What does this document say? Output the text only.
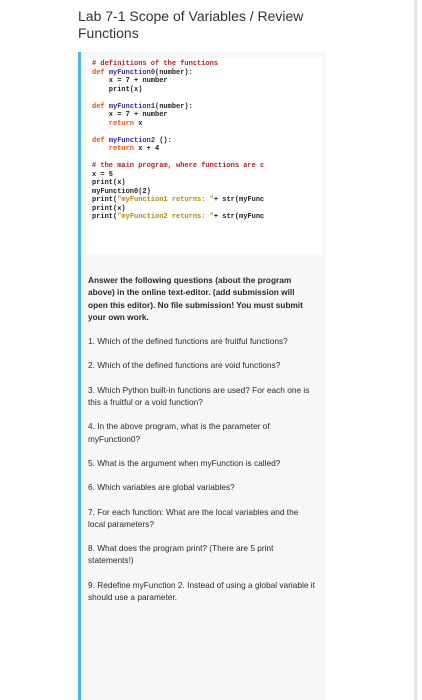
Lab 7-1 Scope of Variables / Review Functions
# definitions of the functions
def myFunction0(number):
x = 7 + number
print(x)
def myFunction1(number):
x = 7 + number
return x
def myFunction2 ():
return x + 4
# the main program, where functions are c
x = 5
print(x)
myFunction0(2)
print("myFunction1 returns: "+ str(myFunc
print(x)
print("myFunction2 returns: "+ str(myFunc

Answer the following questions (about the program above) in the online text-editor. (add submission will open this editor). No file submission! You must submit your own work.

1. Which of the defined functions are fruitful functions?

2. Which of the defined functions are void functions?

3. Which Python built-in functions are used? For each one is this a fruitful or a void function?

4. In the above program, what is the parameter of myFunction0?

5. What is the argument when myFunction is called?

6. Which variables are global variables?

7. For each function: What are the local variables and the local parameters?

8. What does the program print? (There are 5 print statements!)

9. Redefine myFunction 2. Instead of using a global variable it should use a parameter.
